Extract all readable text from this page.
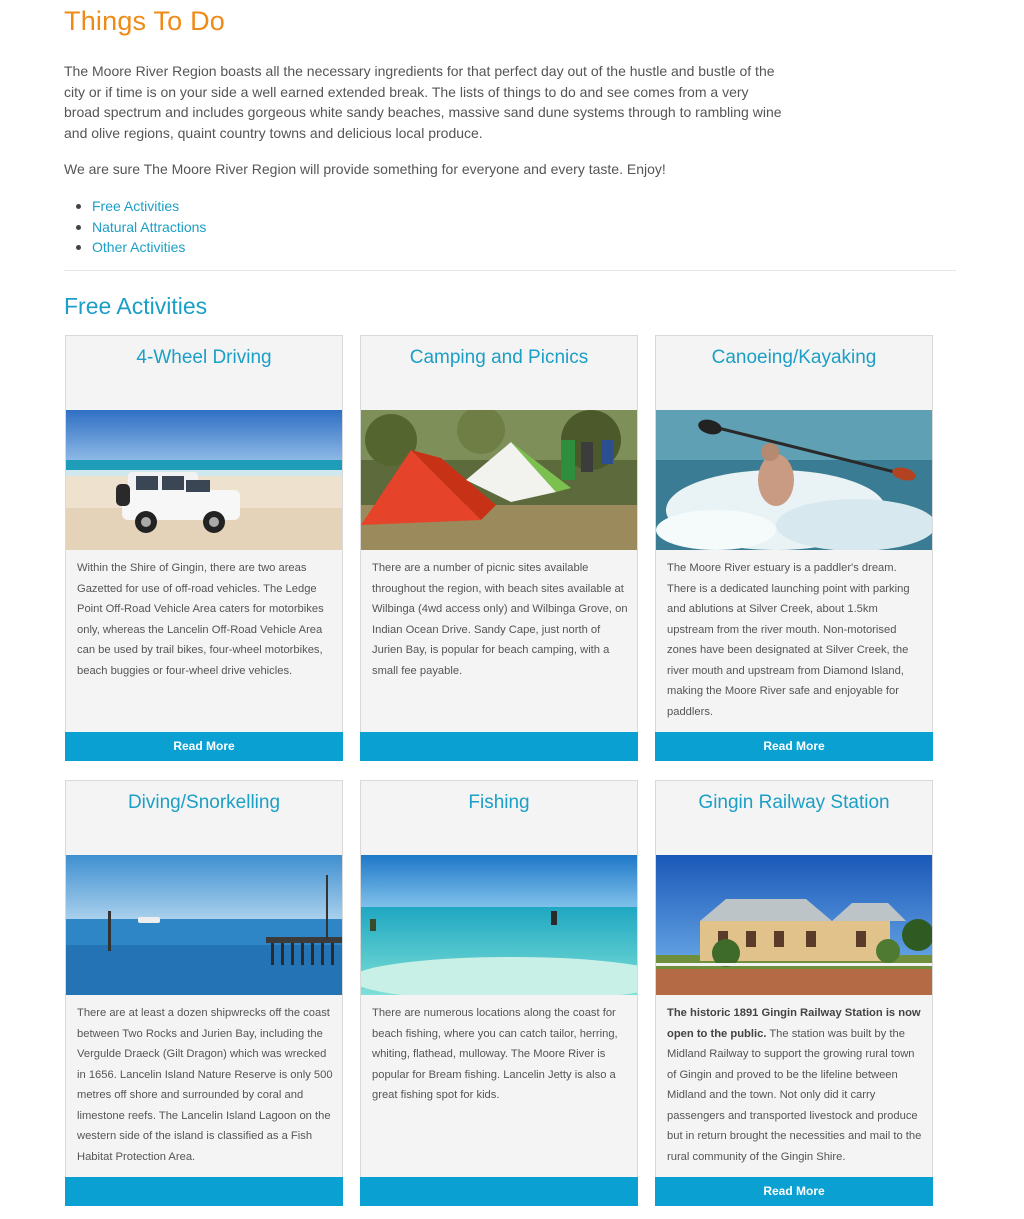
Things To Do

The Moore River Region boasts all the necessary ingredients for that perfect day out of the hustle and bustle of the city or if time is on your side a well earned extended break. The lists of things to do and see comes from a very broad spectrum and includes gorgeous white sandy beaches, massive sand dune systems through to rambling wine and olive regions, quaint country towns and delicious local produce.

We are sure The Moore River Region will provide something for everyone and every taste. Enjoy!

Free Activities
Natural Attractions
Other Activities
Free Activities
4-Wheel Driving

Within the Shire of Gingin, there are two areas Gazetted for use of off-road vehicles. The Ledge Point Off-Road Vehicle Area caters for motorbikes only, whereas the Lancelin Off-Road Vehicle Area can be used by trail bikes, four-wheel motorbikes, beach buggies or four-wheel drive vehicles.

Read More
Camping and Picnics

There are a number of picnic sites available throughout the region, with beach sites available at Wilbinga (4wd access only) and Wilbinga Grove, on Indian Ocean Drive. Sandy Cape, just north of Jurien Bay, is popular for beach camping, with a small fee payable.

Canoeing/Kayaking

The Moore River estuary is a paddler's dream. There is a dedicated launching point with parking and ablutions at Silver Creek, about 1.5km upstream from the river mouth. Non-motorised zones have been designated at Silver Creek, the river mouth and upstream from Diamond Island, making the Moore River safe and enjoyable for paddlers.

Read More
Diving/Snorkelling

There are at least a dozen shipwrecks off the coast between Two Rocks and Jurien Bay, including the Vergulde Draeck (Gilt Dragon) which was wrecked in 1656. Lancelin Island Nature Reserve is only 500 metres off shore and surrounded by coral and limestone reefs. The Lancelin Island Lagoon on the western side of the island is classified as a Fish Habitat Protection Area.

Fishing

There are numerous locations along the coast for beach fishing, where you can catch tailor, herring, whiting, flathead, mulloway. The Moore River is popular for Bream fishing. Lancelin Jetty is also a great fishing spot for kids.

Gingin Railway Station

The historic 1891 Gingin Railway Station is now open to the public. The station was built by the Midland Railway to support the growing rural town of Gingin and proved to be the lifeline between Midland and the town. Not only did it carry passengers and transported livestock and produce but in return brought the necessities and mail to the rural community of the Gingin Shire.

Read More
